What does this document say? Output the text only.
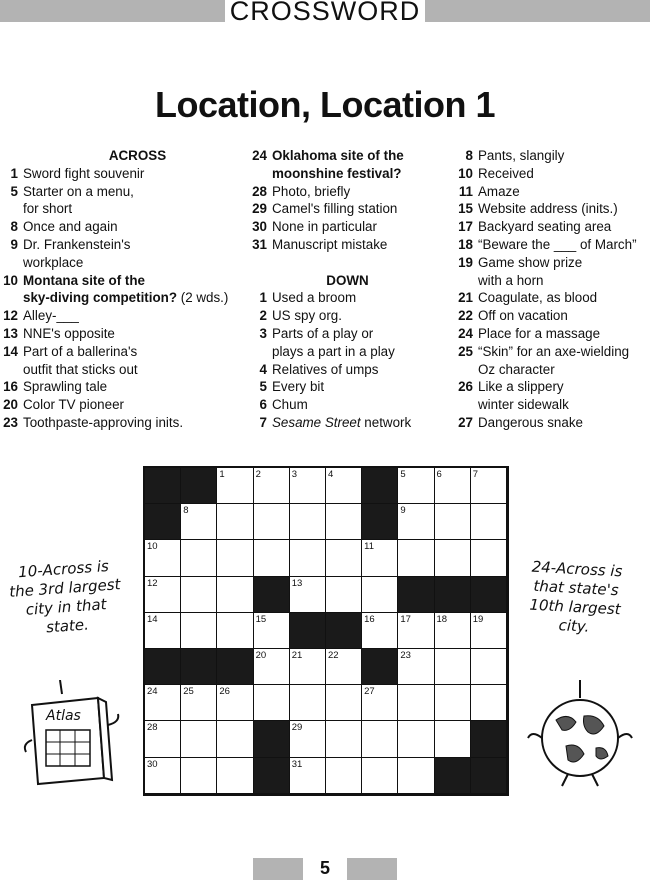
CROSSWORD
Location, Location 1
ACROSS
1 Sword fight souvenir
5 Starter on a menu,
for short
8 Once and again
9 Dr. Frankenstein's
workplace
10 Montana site of the
sky-diving competition? (2 wds.)
12 Alley-___
13 NNE's opposite
14 Part of a ballerina's
outfit that sticks out
16 Sprawling tale
20 Color TV pioneer
23 Toothpaste-approving inits.
24 Oklahoma site of the
moonshine festival?
28 Photo, briefly
29 Camel's filling station
30 None in particular
31 Manuscript mistake
DOWN
1 Used a broom
2 US spy org.
3 Parts of a play or
plays a part in a play
4 Relatives of umps
5 Every bit
6 Chum
7 Sesame Street network
8 Pants, slangily
10 Received
11 Amaze
15 Website address (inits.)
17 Backyard seating area
18 “Beware the ___ of March”
19 Game show prize
with a horn
21 Coagulate, as blood
22 Off on vacation
24 Place for a massage
25 “Skin” for an axe-wielding
Oz character
26 Like a slippery
winter sidewalk
27 Dangerous snake
1	2	3	4	5	6	7
8	9
10	11
12	13
14	15	16	17	18	19
20	21	22	23
24	25	26	27
28	29
30	31
10-Across is the 3rd largest city in that state.
24-Across is that state's 10th largest city.
Atlas
5
